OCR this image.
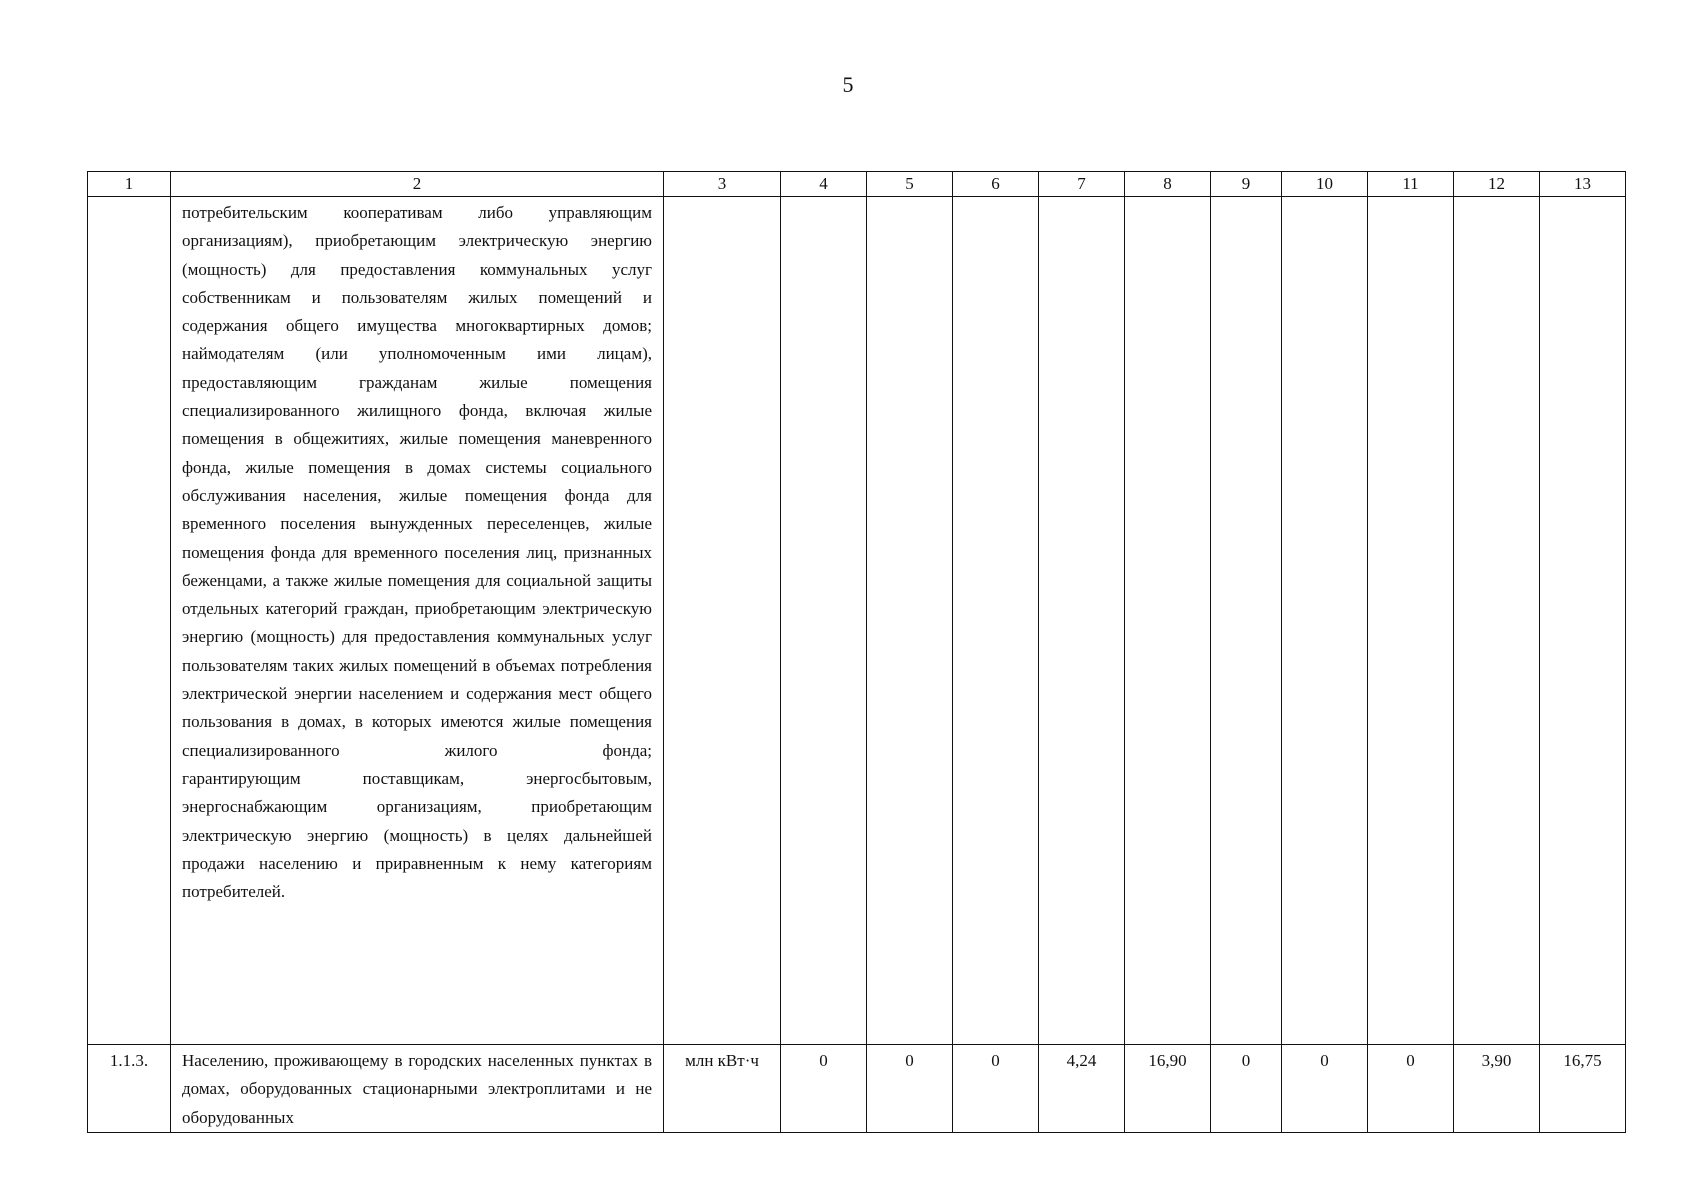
5
1	2	3	4	5	6	7	8	9	10	11	12	13

	потребительским кооперативам либо управляющим организациям), приобретающим электрическую энергию (мощность) для предоставления коммунальных услуг собственникам и пользователям жилых помещений и содержания общего имущества многоквартирных домов;

наймодателям (или уполномоченным ими лицам), предоставляющим гражданам жилые помещения специализированного жилищного фонда, включая жилые помещения в общежитиях, жилые помещения маневренного фонда, жилые помещения в домах системы социального обслуживания населения, жилые помещения фонда для временного поселения вынужденных переселенцев, жилые помещения фонда для временного поселения лиц, признанных беженцами, а также жилые помещения для социальной защиты отдельных категорий граждан, приобретающим электрическую энергию (мощность) для предоставления коммунальных услуг пользователям таких жилых помещений в объемах потребления электрической энергии населением и содержания мест общего пользования в домах, в которых имеются жилые помещения специализированного жилого фонда;

гарантирующим поставщикам, энергосбытовым, энергоснабжающим организациям, приобретающим электрическую энергию (мощность) в целях дальнейшей продажи населению и приравненным к нему категориям потребителей.											

1.1.3.	Населению, проживающему в городских населенных пунктах в домах, оборудованных стационарными электроплитами и не оборудованных	млн кВт·ч	0	0	0	4,24	16,90	0	0	0	3,90	16,75
